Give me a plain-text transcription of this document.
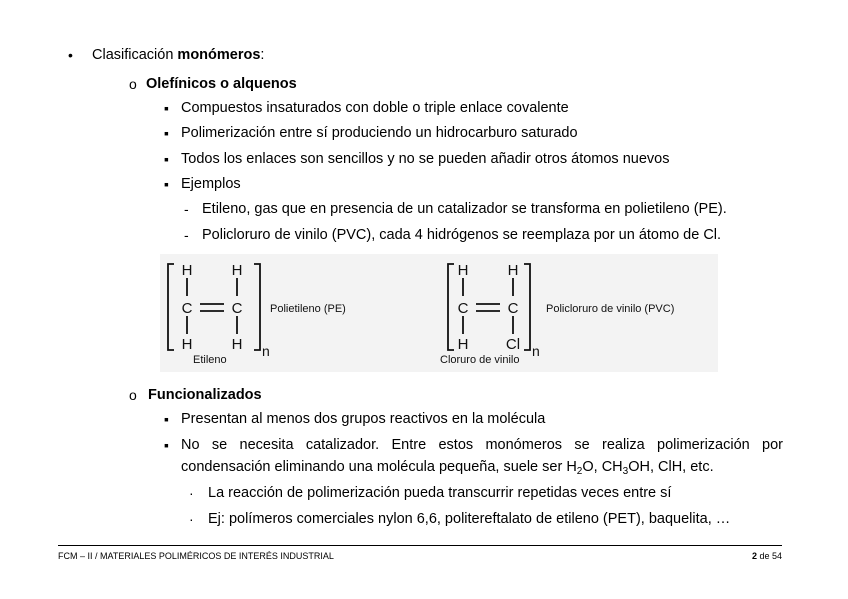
• Clasificación monómeros:
o Olefínicos o alquenos
▪ Compuestos insaturados con doble o triple enlace covalente
▪ Polimerización entre sí produciendo un hidrocarburo saturado
▪ Todos los enlaces son sencillos y no se pueden añadir otros átomos nuevos
▪ Ejemplos
- Etileno, gas que en presencia de un catalizador se transforma en polietileno (PE).
- Policloruro de vinilo (PVC), cada 4 hidrógenos se reemplaza por un átomo de Cl.
H	H
C	C
H	H
H	H
C	C
H Cl
Polietileno (PE)
Etileno
Policloruro de vinilo (PVC)
Cloruro de vinilo
n	n
o Funcionalizados
▪ Presentan al menos dos grupos reactivos en la molécula
▪ No se necesita catalizador. Entre estos monómeros se realiza polimerización por
condensación eliminando una molécula pequeña, suele ser $H_2O$, $CH_3OH$, ClH, etc.
· La reacción de polimerización pueda transcurrir repetidas veces entre sí
· Ej: polímeros comerciales nylon 6,6, politereftalato de etileno (PET), baquelita, …
FCM – II / MATERIALES POLIMÉRICOS DE INTERÉS INDUSTRIAL	2 de 54
